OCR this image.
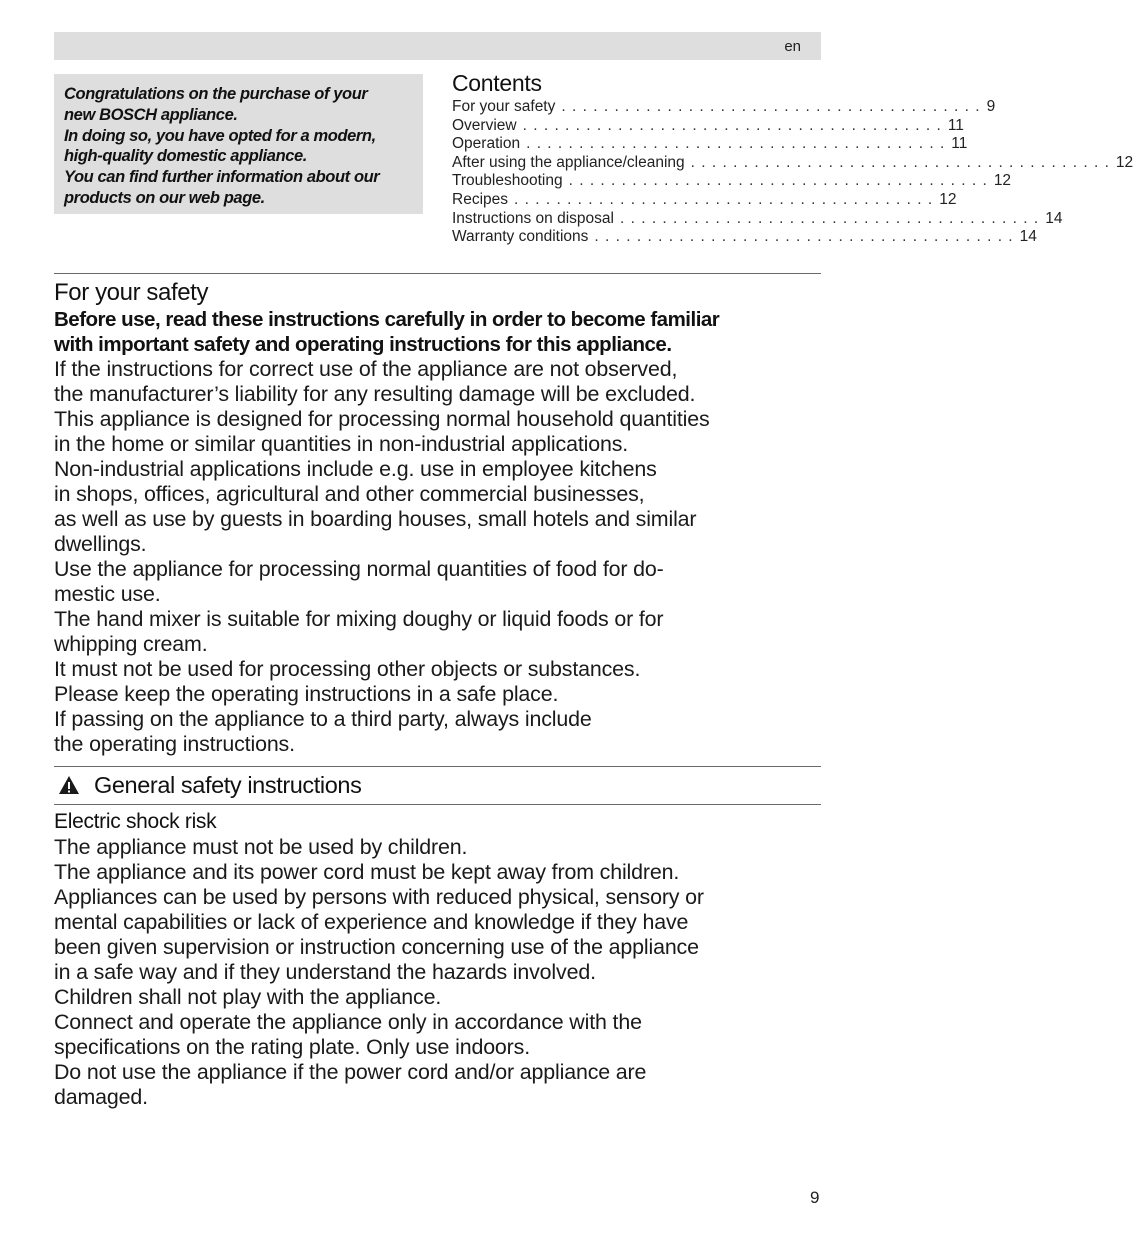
en
Congratulations on the purchase of your
new BOSCH appliance.
In doing so, you have opted for a modern,
high-quality domestic appliance.
You can find further information about our
products on our web page.
Contents
For your safety . . . . . . . . . . . . . . . . . . . . . . . . . . . . . . . . . . . . . . . . 9
Overview . . . . . . . . . . . . . . . . . . . . . . . . . . . . . . . . . . . . . . . . 11
Operation . . . . . . . . . . . . . . . . . . . . . . . . . . . . . . . . . . . . . . . . 11
After using the appliance/cleaning . . . . . . . . . . . . . . . . . . . . . . . . . . . . . . . . . . . . . . . . 12
Troubleshooting . . . . . . . . . . . . . . . . . . . . . . . . . . . . . . . . . . . . . . . . 12
Recipes . . . . . . . . . . . . . . . . . . . . . . . . . . . . . . . . . . . . . . . . 12
Instructions on disposal . . . . . . . . . . . . . . . . . . . . . . . . . . . . . . . . . . . . . . . . 14
Warranty conditions . . . . . . . . . . . . . . . . . . . . . . . . . . . . . . . . . . . . . . . . 14
For your safety
Before use, read these instructions carefully in order to become familiar
with important safety and operating instructions for this appliance.
If the instructions for correct use of the appliance are not observed,
the manufacturer’s liability for any resulting damage will be excluded.
This appliance is designed for processing normal household quantities
in the home or similar quantities in non-industrial applications.
Non-industrial applications include e.g. use in employee kitchens
in shops, offices, agricultural and other commercial businesses,
as well as use by guests in boarding houses, small hotels and similar
dwellings.
Use the appliance for processing normal quantities of food for do-
mestic use.
The hand mixer is suitable for mixing doughy or liquid foods or for
whipping cream.
It must not be used for processing other objects or substances.
Please keep the operating instructions in a safe place.
If passing on the appliance to a third party, always include
the operating instructions.
General safety instructions
Electric shock risk
The appliance must not be used by children.
The appliance and its power cord must be kept away from children.
Appliances can be used by persons with reduced physical, sensory or
mental capabilities or lack of experience and knowledge if they have
been given supervision or instruction concerning use of the appliance
in a safe way and if they understand the hazards involved.
Children shall not play with the appliance.
Connect and operate the appliance only in accordance with the
specifications on the rating plate. Only use indoors.
Do not use the appliance if the power cord and/or appliance are
damaged.
9
